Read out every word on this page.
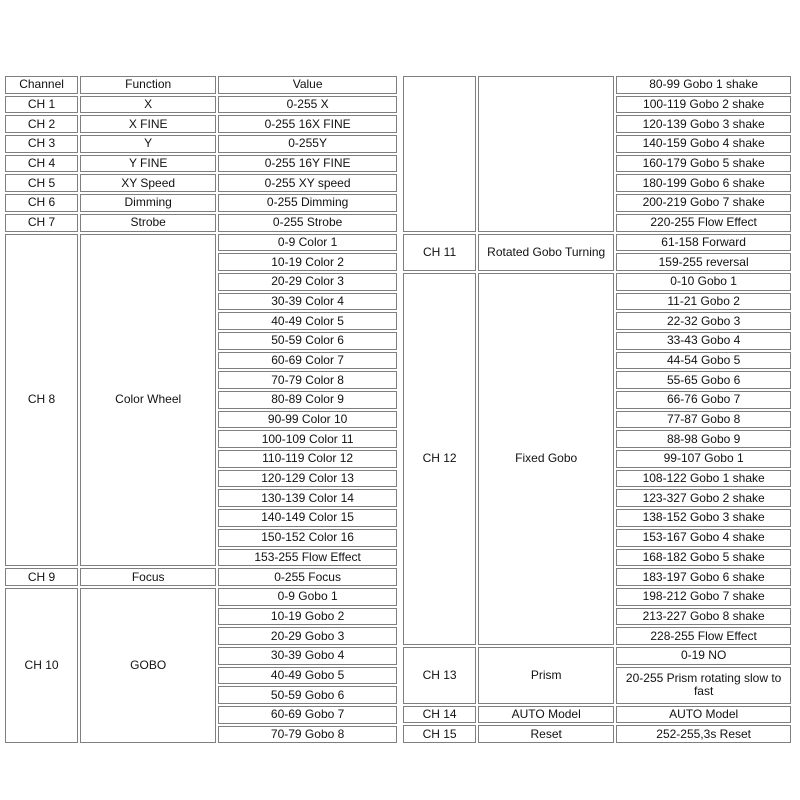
Channel	Function	Value
CH 1	X	0-255 X
CH 2	X FINE	0-255 16X FINE
CH 3	Y	0-255Y
CH 4	Y FINE	0-255 16Y FINE
CH 5	XY Speed	0-255 XY speed
CH 6	Dimming	0-255 Dimming
CH 7	Strobe	0-255 Strobe
CH 8	Color Wheel	0-9 Color 1
		10-19 Color 2
		20-29 Color 3
		30-39 Color 4
		40-49 Color 5
		50-59 Color 6
		60-69 Color 7
		70-79 Color 8
		80-89 Color 9
		90-99 Color 10
		100-109 Color 11
		110-119 Color 12
		120-129 Color 13
		130-139 Color 14
		140-149 Color 15
		150-152 Color 16
		153-255 Flow Effect
CH 9	Focus	0-255 Focus
CH 10	GOBO	0-9 Gobo 1
		10-19 Gobo 2
		20-29 Gobo 3
		30-39 Gobo 4
		40-49 Gobo 5
		50-59 Gobo 6
		60-69 Gobo 7
		70-79 Gobo 8
		80-99 Gobo 1 shake
		100-119 Gobo 2 shake
		120-139 Gobo 3 shake
		140-159 Gobo 4 shake
		160-179 Gobo 5 shake
		180-199 Gobo 6 shake
		200-219 Gobo 7 shake
		220-255 Flow Effect
CH 11	Rotated Gobo Turning	61-158 Forward
		159-255 reversal
CH 12	Fixed Gobo	0-10 Gobo 1
		11-21 Gobo 2
		22-32 Gobo 3
		33-43 Gobo 4
		44-54 Gobo 5
		55-65 Gobo 6
		66-76 Gobo 7
		77-87 Gobo 8
		88-98 Gobo 9
		99-107 Gobo 1
		108-122 Gobo 1 shake
		123-327 Gobo 2 shake
		138-152 Gobo 3 shake
		153-167 Gobo 4 shake
		168-182 Gobo 5 shake
		183-197 Gobo 6 shake
		198-212 Gobo 7 shake
		213-227 Gobo 8 shake
		228-255 Flow Effect
CH 13	Prism	0-19 NO
		20-255 Prism rotating slow to fast
CH 14	AUTO Model	AUTO Model
CH 15	Reset	252-255,3s Reset
